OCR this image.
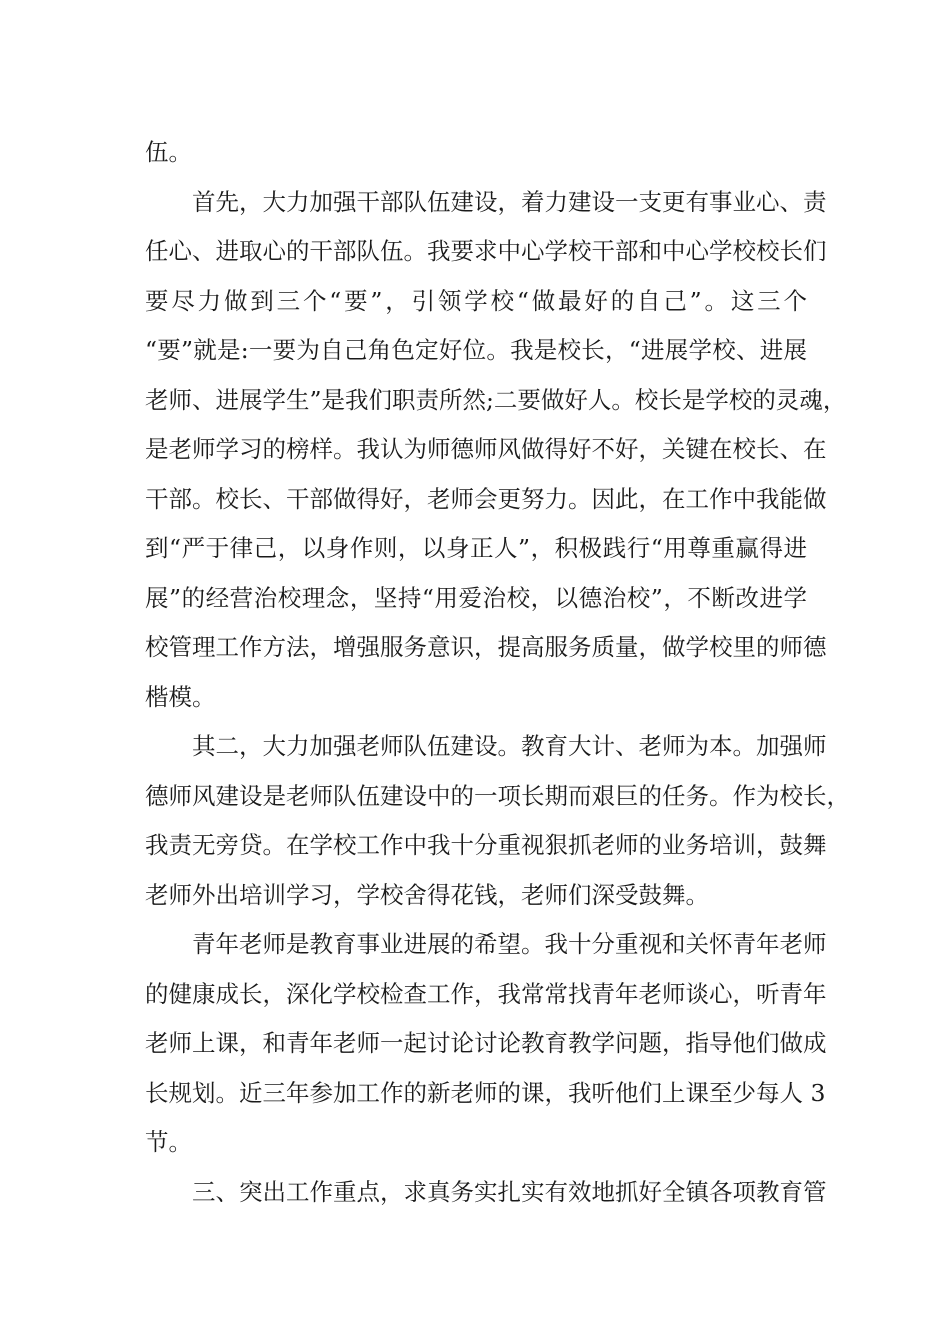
伍。
首先，大力加强干部队伍建设，着力建设一支更有事业心、责
任心、进取心的干部队伍。我要求中心学校干部和中心学校校长们
要尽力做到三个“要”，引领学校“做最好的自己”。这三个
“要”就是:一要为自己角色定好位。我是校长，“进展学校、进展
老师、进展学生”是我们职责所然;二要做好人。校长是学校的灵魂，
是老师学习的榜样。我认为师德师风做得好不好，关键在校长、在
干部。校长、干部做得好，老师会更努力。因此，在工作中我能做
到“严于律己，以身作则，以身正人”，积极践行“用尊重赢得进
展”的经营治校理念，坚持“用爱治校，以德治校”，不断改进学
校管理工作方法，增强服务意识，提高服务质量，做学校里的师德
楷模。
其二，大力加强老师队伍建设。教育大计、老师为本。加强师
德师风建设是老师队伍建设中的一项长期而艰巨的任务。作为校长，
我责无旁贷。在学校工作中我十分重视狠抓老师的业务培训，鼓舞
老师外出培训学习，学校舍得花钱，老师们深受鼓舞。
青年老师是教育事业进展的希望。我十分重视和关怀青年老师
的健康成长，深化学校检查工作，我常常找青年老师谈心，听青年
老师上课，和青年老师一起讨论讨论教育教学问题，指导他们做成
长规划。近三年参加工作的新老师的课，我听他们上课至少每人 3
节。
三、突出工作重点，求真务实扎实有效地抓好全镇各项教育管
